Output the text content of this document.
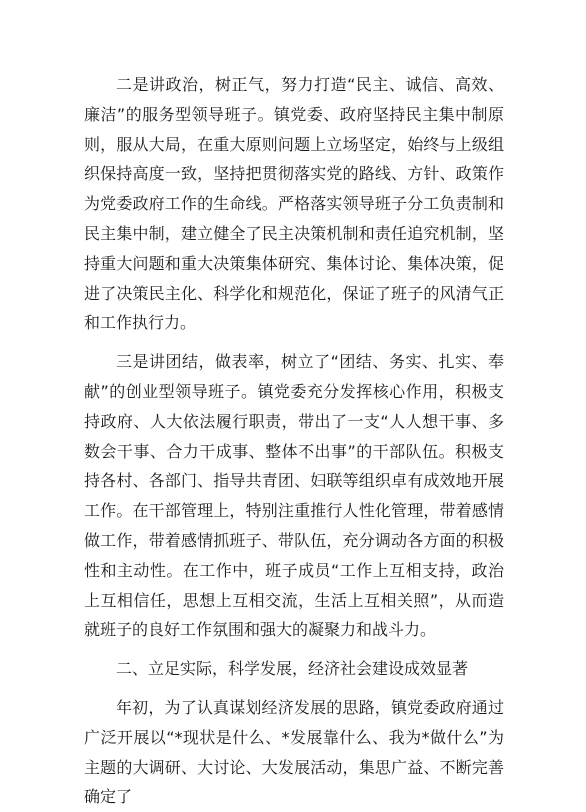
二是讲政治，树正气，努力打造“民主、诚信、高效、廉洁”的服务型领导班子。镇党委、政府坚持民主集中制原则，服从大局，在重大原则问题上立场坚定，始终与上级组织保持高度一致，坚持把贯彻落实党的路线、方针、政策作为党委政府工作的生命线。严格落实领导班子分工负责制和民主集中制，建立健全了民主决策机制和责任追究机制，坚持重大问题和重大决策集体研究、集体讨论、集体决策，促进了决策民主化、科学化和规范化，保证了班子的风清气正和工作执行力。

三是讲团结，做表率，树立了“团结、务实、扎实、奉献”的创业型领导班子。镇党委充分发挥核心作用，积极支持政府、人大依法履行职责，带出了一支“人人想干事、多数会干事、合力干成事、整体不出事”的干部队伍。积极支持各村、各部门、指导共青团、妇联等组织卓有成效地开展工作。在干部管理上，特别注重推行人性化管理，带着感情做工作，带着感情抓班子、带队伍，充分调动各方面的积极性和主动性。在工作中，班子成员“工作上互相支持，政治上互相信任，思想上互相交流，生活上互相关照”，从而造就班子的良好工作氛围和强大的凝聚力和战斗力。

二、立足实际，科学发展，经济社会建设成效显著

年初，为了认真谋划经济发展的思路，镇党委政府通过广泛开展以“*现状是什么、*发展靠什么、我为*做什么”为主题的大调研、大讨论、大发展活动，集思广益、不断完善确定了
